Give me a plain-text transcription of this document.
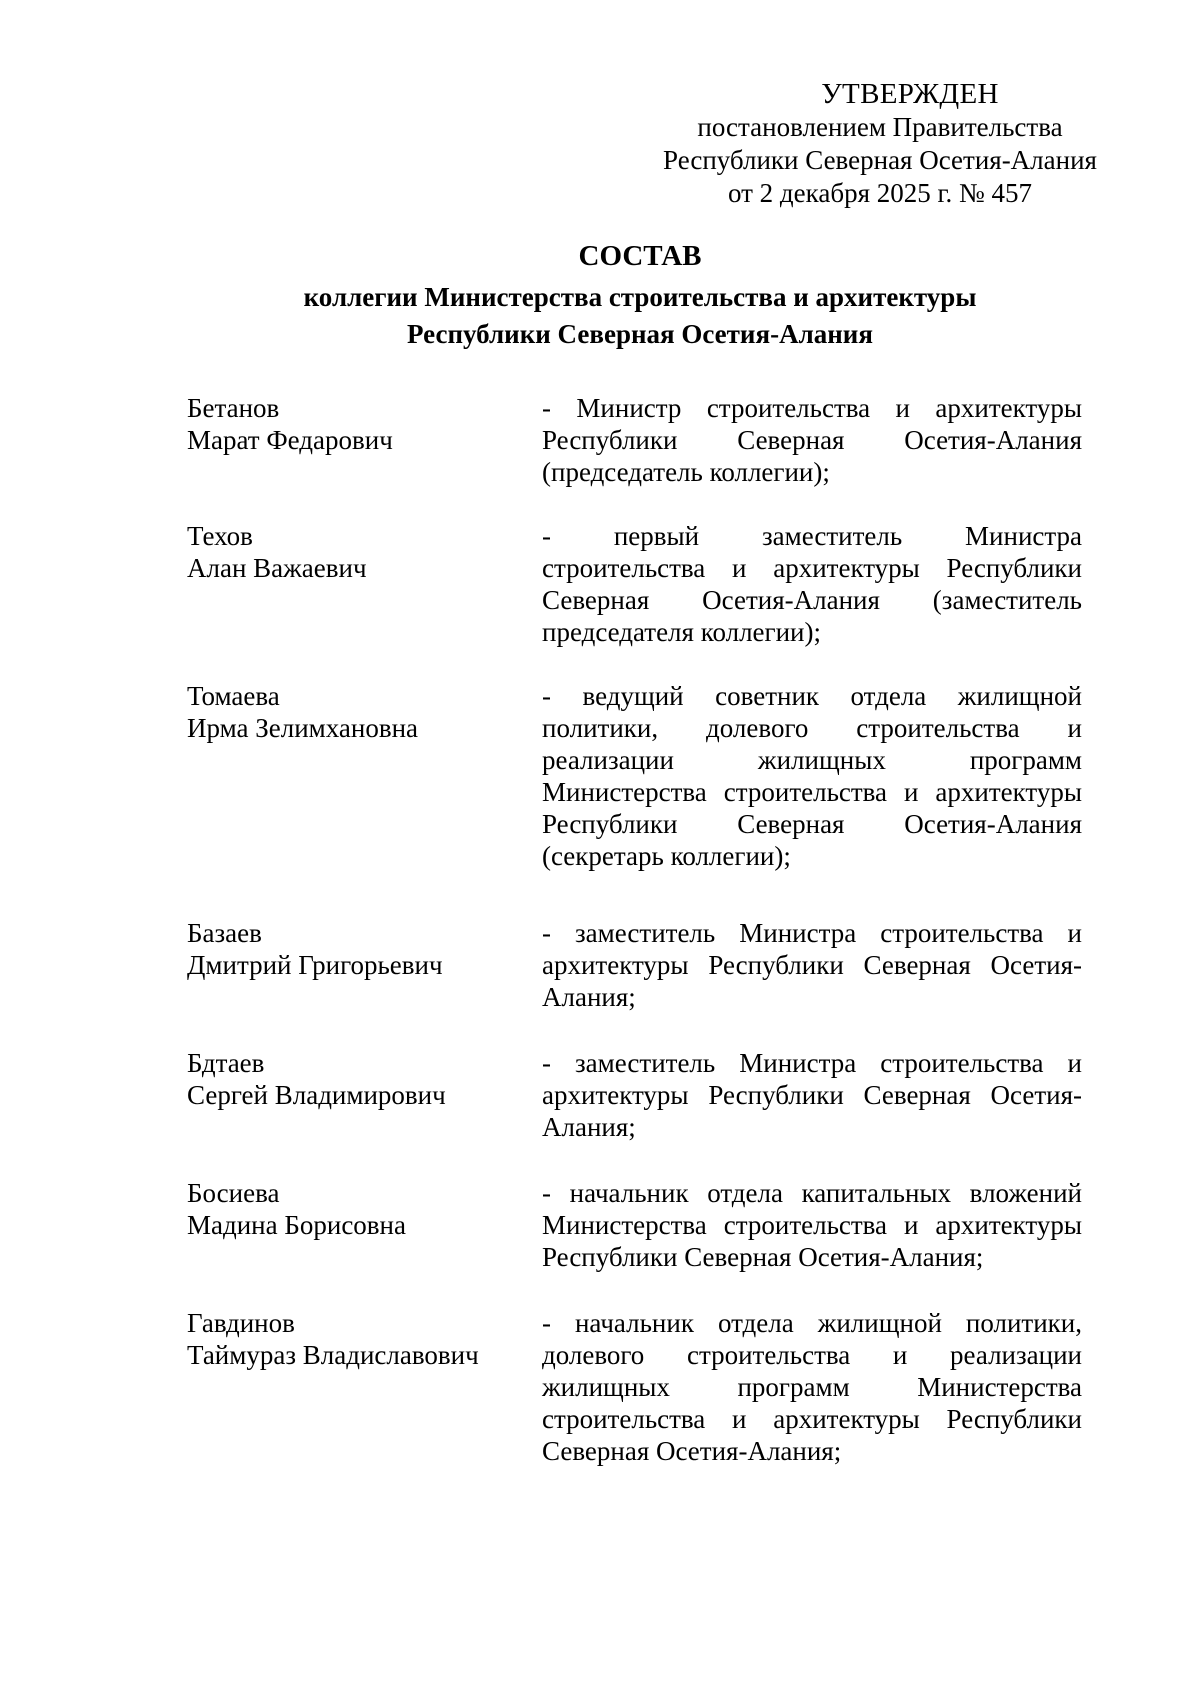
УТВЕРЖДЕН
постановлением Правительства
Республики Северная Осетия-Алания
от 2 декабря 2025 г. № 457
СОСТАВ
коллегии Министерства строительства и архитектуры
Республики Северная Осетия-Алания
Бетанов
Марат Федарович
- Министр строительства и архитектуры Республики Северная Осетия-Алания (председатель коллегии);
Техов
Алан Важаевич
- первый заместитель Министра строительства и архитектуры Республики Северная Осетия-Алания (заместитель председателя коллегии);
Томаева
Ирма Зелимхановна
- ведущий советник отдела жилищной политики, долевого строительства и реализации жилищных программ Министерства строительства и архитектуры Республики Северная Осетия-Алания (секретарь коллегии);
Базаев
Дмитрий Григорьевич
- заместитель Министра строительства и архитектуры Республики Северная Осетия-Алания;
Бдтаев
Сергей Владимирович
- заместитель Министра строительства и архитектуры Республики Северная Осетия-Алания;
Босиева
Мадина Борисовна
- начальник отдела капитальных вложений Министерства строительства и архитектуры Республики Северная Осетия-Алания;
Гавдинов
Таймураз Владиславович
- начальник отдела жилищной политики, долевого строительства и реализации жилищных программ Министерства строительства и архитектуры Республики Северная Осетия-Алания;
